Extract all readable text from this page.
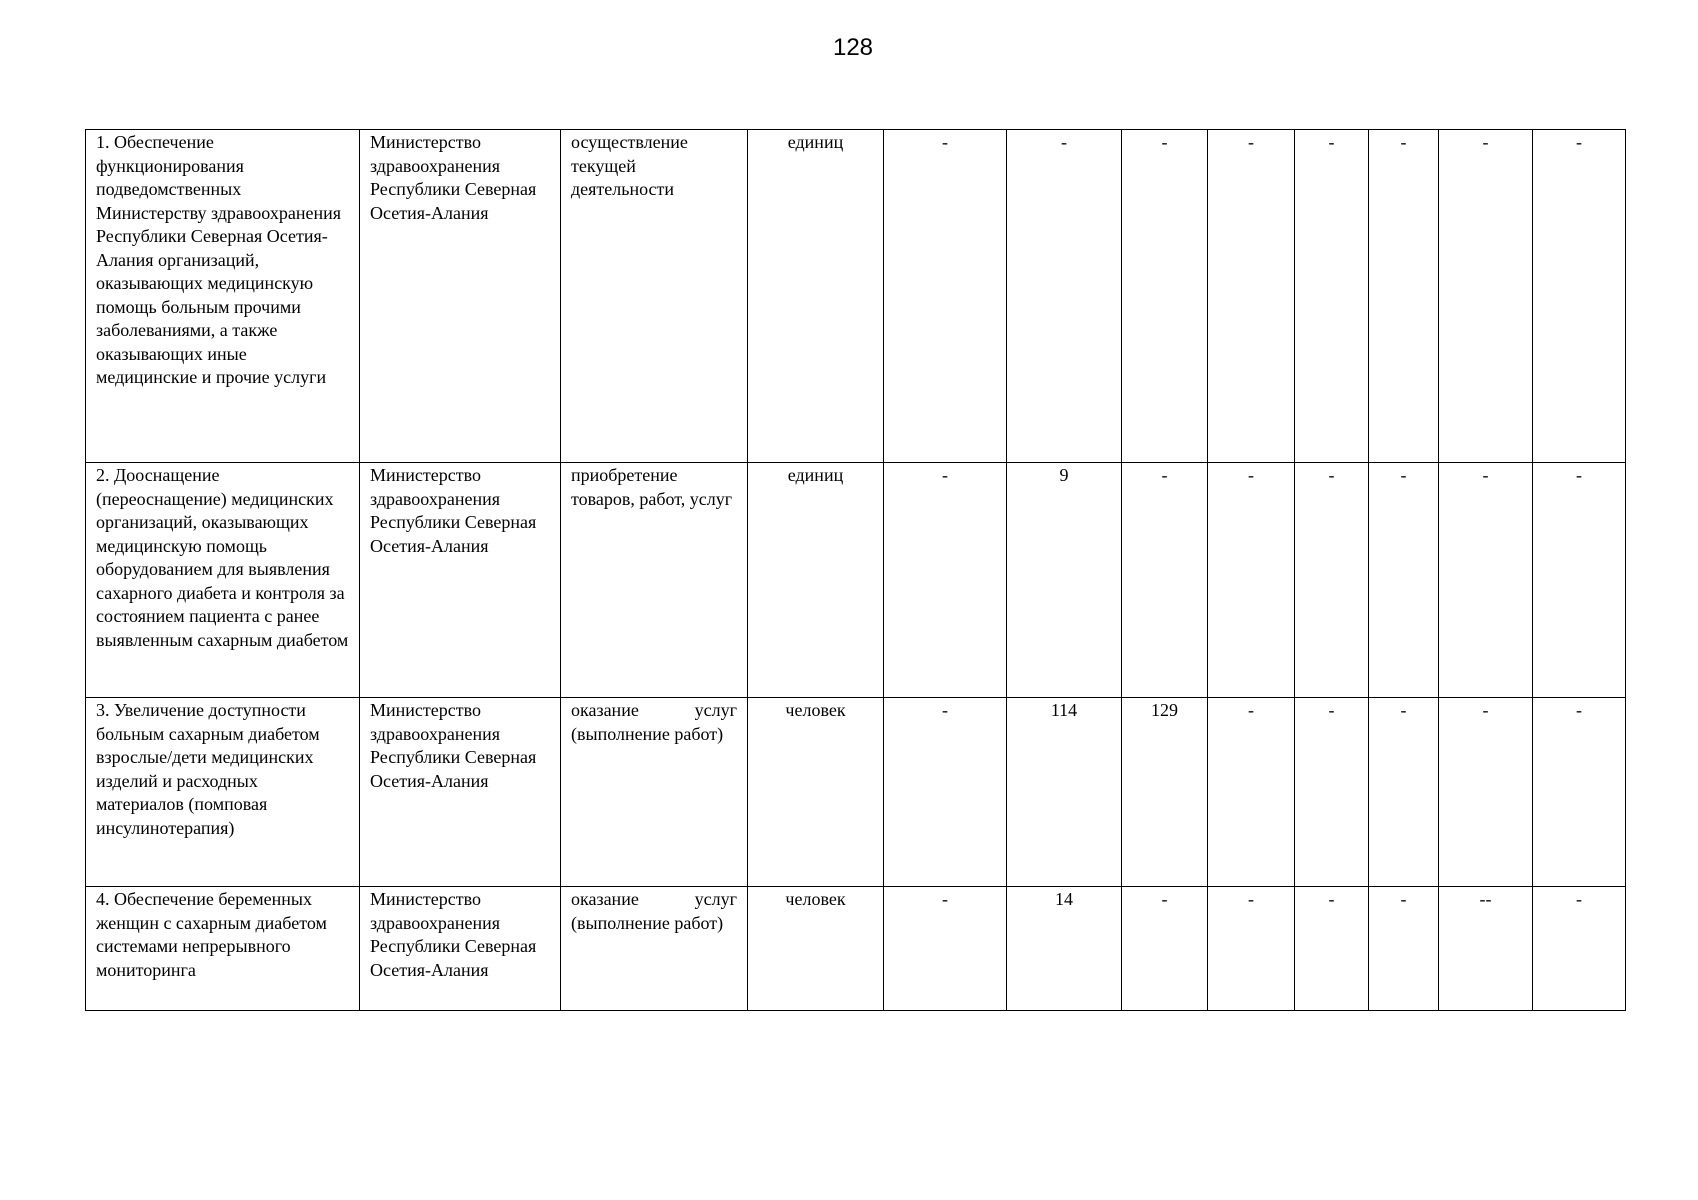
128
1. Обеспечение функционирования подведомственных Министерству здравоохранения Республики Северная Осетия-Алания организаций, оказывающих медицинскую помощь больным прочими заболеваниями, а также оказывающих иные медицинские и прочие услуги	Министерство здравоохранения Республики Северная Осетия-Алания	осуществление текущей деятельности	единиц	-	-	-	-	-	-	-	-
2. Дооснащение (переоснащение) медицинских организаций, оказывающих медицинскую помощь оборудованием для выявления сахарного диабета и контроля за состоянием пациента с ранее выявленным сахарным диабетом	Министерство здравоохранения Республики Северная Осетия-Алания	приобретение товаров, работ, услуг	единиц	-	9	-	-	-	-	-	-
3. Увеличение доступности больным сахарным диабетом взрослые/дети медицинских изделий и расходных материалов (помповая инсулинотерапия)	Министерство здравоохранения Республики Северная Осетия-Алания	оказание услуг (выполнение работ)	человек	-	114	129	-	-	-	-	-
4. Обеспечение беременных женщин с сахарным диабетом системами непрерывного мониторинга	Министерство здравоохранения Республики Северная Осетия-Алания	оказание услуг (выполнение работ)	человек	-	14	-	-	-	-	--	-
